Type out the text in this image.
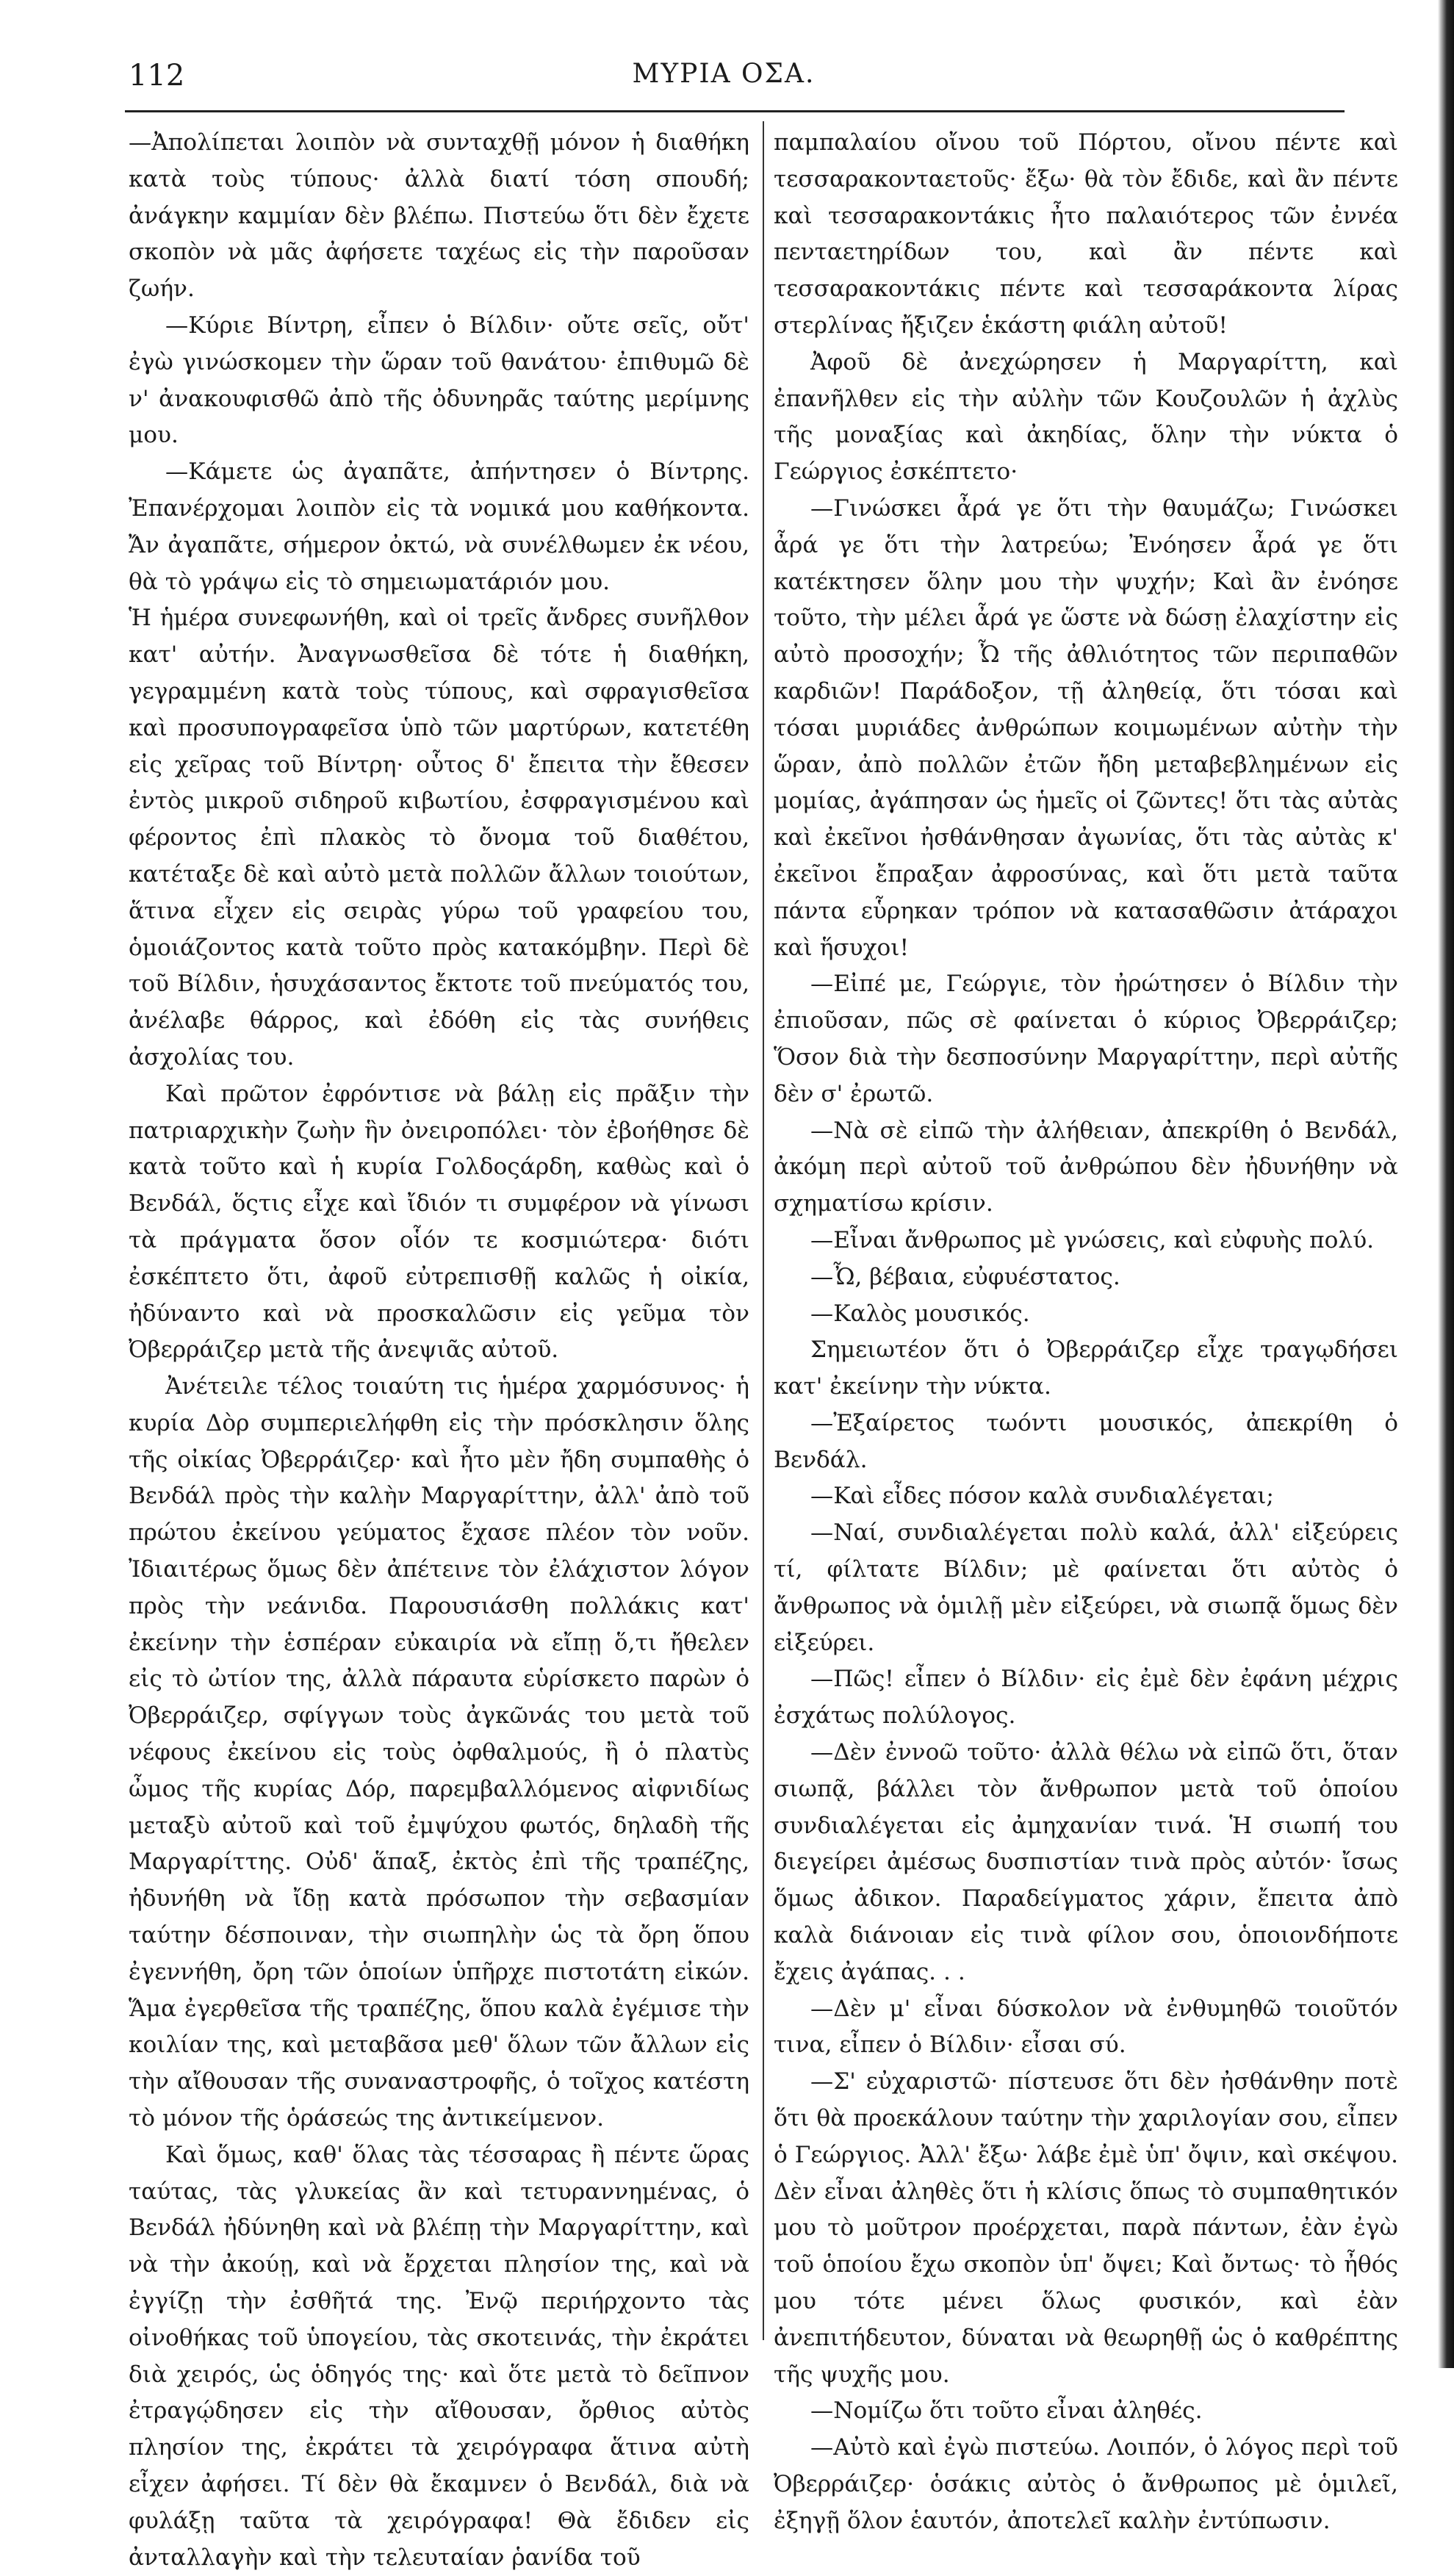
112	ΜΥΡΙΑ ΟΣΑ.

—Ἀπολίπεται λοιπὸν νὰ συνταχθῇ μόνον ἡ διαθήκη κατὰ τοὺς τύπους· ἀλλὰ διατί τόση σπουδή; ἀνάγκην καμμίαν δὲν βλέπω. Πιστεύω ὅτι δὲν ἔχετε σκοπὸν νὰ μᾶς ἀφήσετε ταχέως εἰς τὴν παροῦσαν ζωήν.

—Κύριε Βίντρη, εἶπεν ὁ Βίλδιν· οὔτε σεῖς, οὔτ' ἐγὼ γινώσκομεν τὴν ὥραν τοῦ θανάτου· ἐπιθυμῶ δὲ ν' ἀνακουφισθῶ ἀπὸ τῆς ὀδυνηρᾶς ταύτης μερίμνης μου.

—Κάμετε ὡς ἀγαπᾶτε, ἀπήντησεν ὁ Βίντρης. Ἐπανέρχομαι λοιπὸν εἰς τὰ νομικά μου καθήκοντα. Ἄν ἀγαπᾶτε, σήμερον ὀκτώ, νὰ συνέλθωμεν ἐκ νέου, θὰ τὸ γράψω εἰς τὸ σημειωματάριόν μου.

Ἡ ἡμέρα συνεφωνήθη, καὶ οἱ τρεῖς ἄνδρες συνῆλθον κατ' αὐτήν. Ἀναγνωσθεῖσα δὲ τότε ἡ διαθήκη, γεγραμμένη κατὰ τοὺς τύπους, καὶ σφραγισθεῖσα καὶ προσυπογραφεῖσα ὑπὸ τῶν μαρτύρων, κατετέθη εἰς χεῖρας τοῦ Βίντρη· οὗτος δ' ἔπειτα τὴν ἔθεσεν ἐντὸς μικροῦ σιδηροῦ κιβωτίου, ἐσφραγισμένου καὶ φέροντος ἐπὶ πλακὸς τὸ ὄνομα τοῦ διαθέτου, κατέταξε δὲ καὶ αὐτὸ μετὰ πολλῶν ἄλλων τοιούτων, ἅτινα εἶχεν εἰς σειρὰς γύρω τοῦ γραφείου του, ὁμοιάζοντος κατὰ τοῦτο πρὸς κατακόμβην. Περὶ δὲ τοῦ Βίλδιν, ἡσυχάσαντος ἔκτοτε τοῦ πνεύματός του, ἀνέλαβε θάρρος, καὶ ἐδόθη εἰς τὰς συνήθεις ἀσχολίας του.

Καὶ πρῶτον ἐφρόντισε νὰ βάλῃ εἰς πρᾶξιν τὴν πατριαρχικὴν ζωὴν ἣν ὀνειροπόλει· τὸν ἐβοήθησε δὲ κατὰ τοῦτο καὶ ἡ κυρία Γολδοςάρδη, καθὼς καὶ ὁ Βενδάλ, ὅςτις εἶχε καὶ ἴδιόν τι συμφέρον νὰ γίνωσι τὰ πράγματα ὅσον οἷόν τε κοσμιώτερα· διότι ἐσκέπτετο ὅτι, ἀφοῦ εὐτρεπισθῇ καλῶς ἡ οἰκία, ἠδύναντο καὶ νὰ προσκαλῶσιν εἰς γεῦμα τὸν Ὀβερράιζερ μετὰ τῆς ἀνεψιᾶς αὐτοῦ.

Ἀνέτειλε τέλος τοιαύτη τις ἡμέρα χαρμόσυνος· ἡ κυρία Δὸρ συμπεριελήφθη εἰς τὴν πρόσκλησιν ὅλης τῆς οἰκίας Ὀβερράιζερ· καὶ ἦτο μὲν ἤδη συμπαθὴς ὁ Βενδάλ πρὸς τὴν καλὴν Μαργαρίττην, ἀλλ' ἀπὸ τοῦ πρώτου ἐκείνου γεύματος ἔχασε πλέον τὸν νοῦν. Ἰδιαιτέρως ὅμως δὲν ἀπέτεινε τὸν ἐλάχιστον λόγον πρὸς τὴν νεάνιδα. Παρουσιάσθη πολλάκις κατ' ἐκείνην τὴν ἑσπέραν εὐκαιρία νὰ εἴπῃ ὅ,τι ἤθελεν εἰς τὸ ὠτίον της, ἀλλὰ πάραυτα εὑρίσκετο παρὼν ὁ Ὀβερράιζερ, σφίγγων τοὺς ἀγκῶνάς του μετὰ τοῦ νέφους ἐκείνου εἰς τοὺς ὀφθαλμούς, ἢ ὁ πλατὺς ὦμος τῆς κυρίας Δόρ, παρεμβαλλόμενος αἰφνιδίως μεταξὺ αὐτοῦ καὶ τοῦ ἐμψύχου φωτός, δηλαδὴ τῆς Μαργαρίττης. Οὐδ' ἅπαξ, ἐκτὸς ἐπὶ τῆς τραπέζης, ἠδυνήθη νὰ ἴδῃ κατὰ πρόσωπον τὴν σεβασμίαν ταύτην δέσποιναν, τὴν σιωπηλὴν ὡς τὰ ὄρη ὅπου ἐγεννήθη, ὄρη τῶν ὁποίων ὑπῆρχε πιστοτάτη εἰκών. Ἅμα ἐγερθεῖσα τῆς τραπέζης, ὅπου καλὰ ἐγέμισε τὴν κοιλίαν της, καὶ μεταβᾶσα μεθ' ὅλων τῶν ἄλλων εἰς τὴν αἴθουσαν τῆς συναναστροφῆς, ὁ τοῖχος κατέστη τὸ μόνον τῆς ὁράσεώς της ἀντικείμενον.

Καὶ ὅμως, καθ' ὅλας τὰς τέσσαρας ἢ πέντε ὥρας ταύτας, τὰς γλυκείας ἂν καὶ τετυραννημένας, ὁ Βενδάλ ἠδύνηθη καὶ νὰ βλέπῃ τὴν Μαργαρίττην, καὶ νὰ τὴν ἀκούῃ, καὶ νὰ ἔρχεται πλησίον της, καὶ νὰ ἐγγίζῃ τὴν ἐσθῆτά της. Ἐνῷ περιήρχοντο τὰς οἰνοθήκας τοῦ ὑπογείου, τὰς σκοτεινάς, τὴν ἐκράτει διὰ χειρός, ὡς ὁδηγός της· καὶ ὅτε μετὰ τὸ δεῖπνον ἐτραγῴδησεν εἰς τὴν αἴθουσαν, ὄρθιος αὐτὸς πλησίον της, ἐκράτει τὰ χειρόγραφα ἅτινα αὐτὴ εἶχεν ἀφήσει. Τί δὲν θὰ ἔκαμνεν ὁ Βενδάλ, διὰ νὰ φυλάξῃ ταῦτα τὰ χειρόγραφα! Θὰ ἔδιδεν εἰς ἀνταλλαγὴν καὶ τὴν τελευταίαν ῥανίδα τοῦ

παμπαλαίου οἴνου τοῦ Πόρτου, οἴνου πέντε καὶ τεσσαρακονταετοῦς· ἔξω· θὰ τὸν ἔδιδε, καὶ ἂν πέντε καὶ τεσσαρακοντάκις ἦτο παλαιότερος τῶν ἐννέα πενταετηρίδων του, καὶ ἂν πέντε καὶ τεσσαρακοντάκις πέντε καὶ τεσσαράκοντα λίρας στερλίνας ἤξιζεν ἑκάστη φιάλη αὐτοῦ!

Ἀφοῦ δὲ ἀνεχώρησεν ἡ Μαργαρίττη, καὶ ἐπανῆλθεν εἰς τὴν αὐλὴν τῶν Κουζουλῶν ἡ ἀχλὺς τῆς μοναξίας καὶ ἀκηδίας, ὅλην τὴν νύκτα ὁ Γεώργιος ἐσκέπτετο·

—Γινώσκει ἆρά γε ὅτι τὴν θαυμάζω; Γινώσκει ἆρά γε ὅτι τὴν λατρεύω; Ἐνόησεν ἆρά γε ὅτι κατέκτησεν ὅλην μου τὴν ψυχήν; Καὶ ἂν ἐνόησε τοῦτο, τὴν μέλει ἆρά γε ὥστε νὰ δώσῃ ἐλαχίστην εἰς αὐτὸ προσοχήν; Ὦ τῆς ἀθλιότητος τῶν περιπαθῶν καρδιῶν! Παράδοξον, τῇ ἀληθείᾳ, ὅτι τόσαι καὶ τόσαι μυριάδες ἀνθρώπων κοιμωμένων αὐτὴν τὴν ὥραν, ἀπὸ πολλῶν ἐτῶν ἤδη μεταβεβλημένων εἰς μομίας, ἀγάπησαν ὡς ἡμεῖς οἱ ζῶντες! ὅτι τὰς αὐτὰς καὶ ἐκεῖνοι ἠσθάνθησαν ἀγωνίας, ὅτι τὰς αὐτὰς κ' ἐκεῖνοι ἔπραξαν ἀφροσύνας, καὶ ὅτι μετὰ ταῦτα πάντα εὗρηκαν τρόπον νὰ κατασαθῶσιν ἀτάραχοι καὶ ἥσυχοι!

—Εἰπέ με, Γεώργιε, τὸν ἠρώτησεν ὁ Βίλδιν τὴν ἐπιοῦσαν, πῶς σὲ φαίνεται ὁ κύριος Ὀβερράιζερ; Ὅσον διὰ τὴν δεσποσύνην Μαργαρίττην, περὶ αὐτῆς δὲν σ' ἐρωτῶ.

—Νὰ σὲ εἰπῶ τὴν ἀλήθειαν, ἀπεκρίθη ὁ Βενδάλ, ἀκόμη περὶ αὐτοῦ τοῦ ἀνθρώπου δὲν ἠδυνήθην νὰ σχηματίσω κρίσιν.

—Εἶναι ἄνθρωπος μὲ γνώσεις, καὶ εὐφυὴς πολύ.

—Ὦ, βέβαια, εὐφυέστατος.

—Καλὸς μουσικός.

Σημειωτέον ὅτι ὁ Ὀβερράιζερ εἶχε τραγῳδήσει κατ' ἐκείνην τὴν νύκτα.

—Ἐξαίρετος τωόντι μουσικός, ἀπεκρίθη ὁ Βενδάλ.

—Καὶ εἶδες πόσον καλὰ συνδιαλέγεται;

—Ναί, συνδιαλέγεται πολὺ καλά, ἀλλ' εἰξεύρεις τί, φίλτατε Βίλδιν; μὲ φαίνεται ὅτι αὐτὸς ὁ ἄνθρωπος νὰ ὁμιλῇ μὲν εἰξεύρει, νὰ σιωπᾷ ὅμως δὲν εἰξεύρει.

—Πῶς! εἶπεν ὁ Βίλδιν· εἰς ἐμὲ δὲν ἐφάνη μέχρις ἐσχάτως πολύλογος.

—Δὲν ἐννοῶ τοῦτο· ἀλλὰ θέλω νὰ εἰπῶ ὅτι, ὅταν σιωπᾷ, βάλλει τὸν ἄνθρωπον μετὰ τοῦ ὁποίου συνδιαλέγεται εἰς ἀμηχανίαν τινά. Ἡ σιωπή του διεγείρει ἀμέσως δυσπιστίαν τινὰ πρὸς αὐτόν· ἴσως ὅμως ἀδικον. Παραδείγματος χάριν, ἔπειτα ἀπὸ καλὰ διάνοιαν εἰς τινὰ φίλον σου, ὁποιονδήποτε ἔχεις ἀγάπας. . .

—Δὲν μ' εἶναι δύσκολον νὰ ἐνθυμηθῶ τοιοῦτόν τινα, εἶπεν ὁ Βίλδιν· εἶσαι σύ.

—Σ' εὐχαριστῶ· πίστευσε ὅτι δὲν ἠσθάνθην ποτὲ ὅτι θὰ προεκάλουν ταύτην τὴν χαριλογίαν σου, εἶπεν ὁ Γεώργιος. Ἀλλ' ἔξω· λάβε ἐμὲ ὑπ' ὄψιν, καὶ σκέψου. Δὲν εἶναι ἀληθὲς ὅτι ἡ κλίσις ὅπως τὸ συμπαθητικόν μου τὸ μοῦτρον προέρχεται, παρὰ πάντων, ἐὰν ἐγὼ τοῦ ὁποίου ἔχω σκοπὸν ὑπ' ὄψει; Καὶ ὄντως· τὸ ἦθός μου τότε μένει ὅλως φυσικόν, καὶ ἐὰν ἀνεπιτήδευτον, δύναται νὰ θεωρηθῇ ὡς ὁ καθρέπτης τῆς ψυχῆς μου.

—Νομίζω ὅτι τοῦτο εἶναι ἀληθές.

—Αὐτὸ καὶ ἐγὼ πιστεύω. Λοιπόν, ὁ λόγος περὶ τοῦ Ὀβερράιζερ· ὁσάκις αὐτὸς ὁ ἄνθρωπος μὲ ὁμιλεῖ, ἐξηγῇ ὅλον ἑαυτόν, ἀποτελεῖ καλὴν ἐντύπωσιν.
